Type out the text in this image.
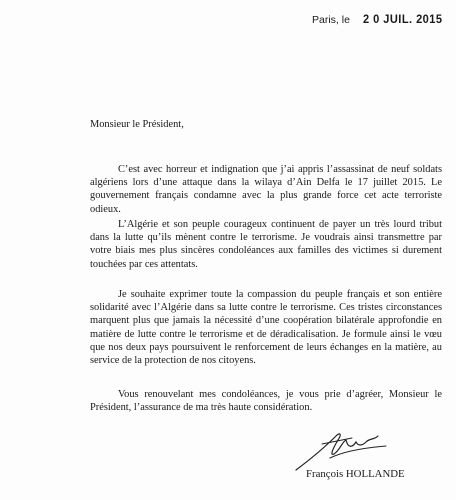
Paris, le 2 0 JUIL. 2015
Monsieur le Président,

C’est avec horreur et indignation que j’ai appris l’assassinat de neuf soldats algériens lors d’une attaque dans la wilaya d’Ain Delfa le 17 juillet 2015. Le gouvernement français condamne avec la plus grande force cet acte terroriste odieux.

L’Algérie et son peuple courageux continuent de payer un très lourd tribut dans la lutte qu’ils mènent contre le terrorisme. Je voudrais ainsi transmettre par votre biais mes plus sincères condoléances aux familles des victimes si durement touchées par ces attentats.

Je souhaite exprimer toute la compassion du peuple français et son entière solidarité avec l’Algérie dans sa lutte contre le terrorisme. Ces tristes circonstances marquent plus que jamais la nécessité d’une coopération bilatérale approfondie en matière de lutte contre le terrorisme et de déradicalisation. Je formule ainsi le vœu que nos deux pays poursuivent le renforcement de leurs échanges en la matière, au service de la protection de nos citoyens.

Vous renouvelant mes condoléances, je vous prie d’agréer, Monsieur le Président, l’assurance de ma très haute considération.

François HOLLANDE
